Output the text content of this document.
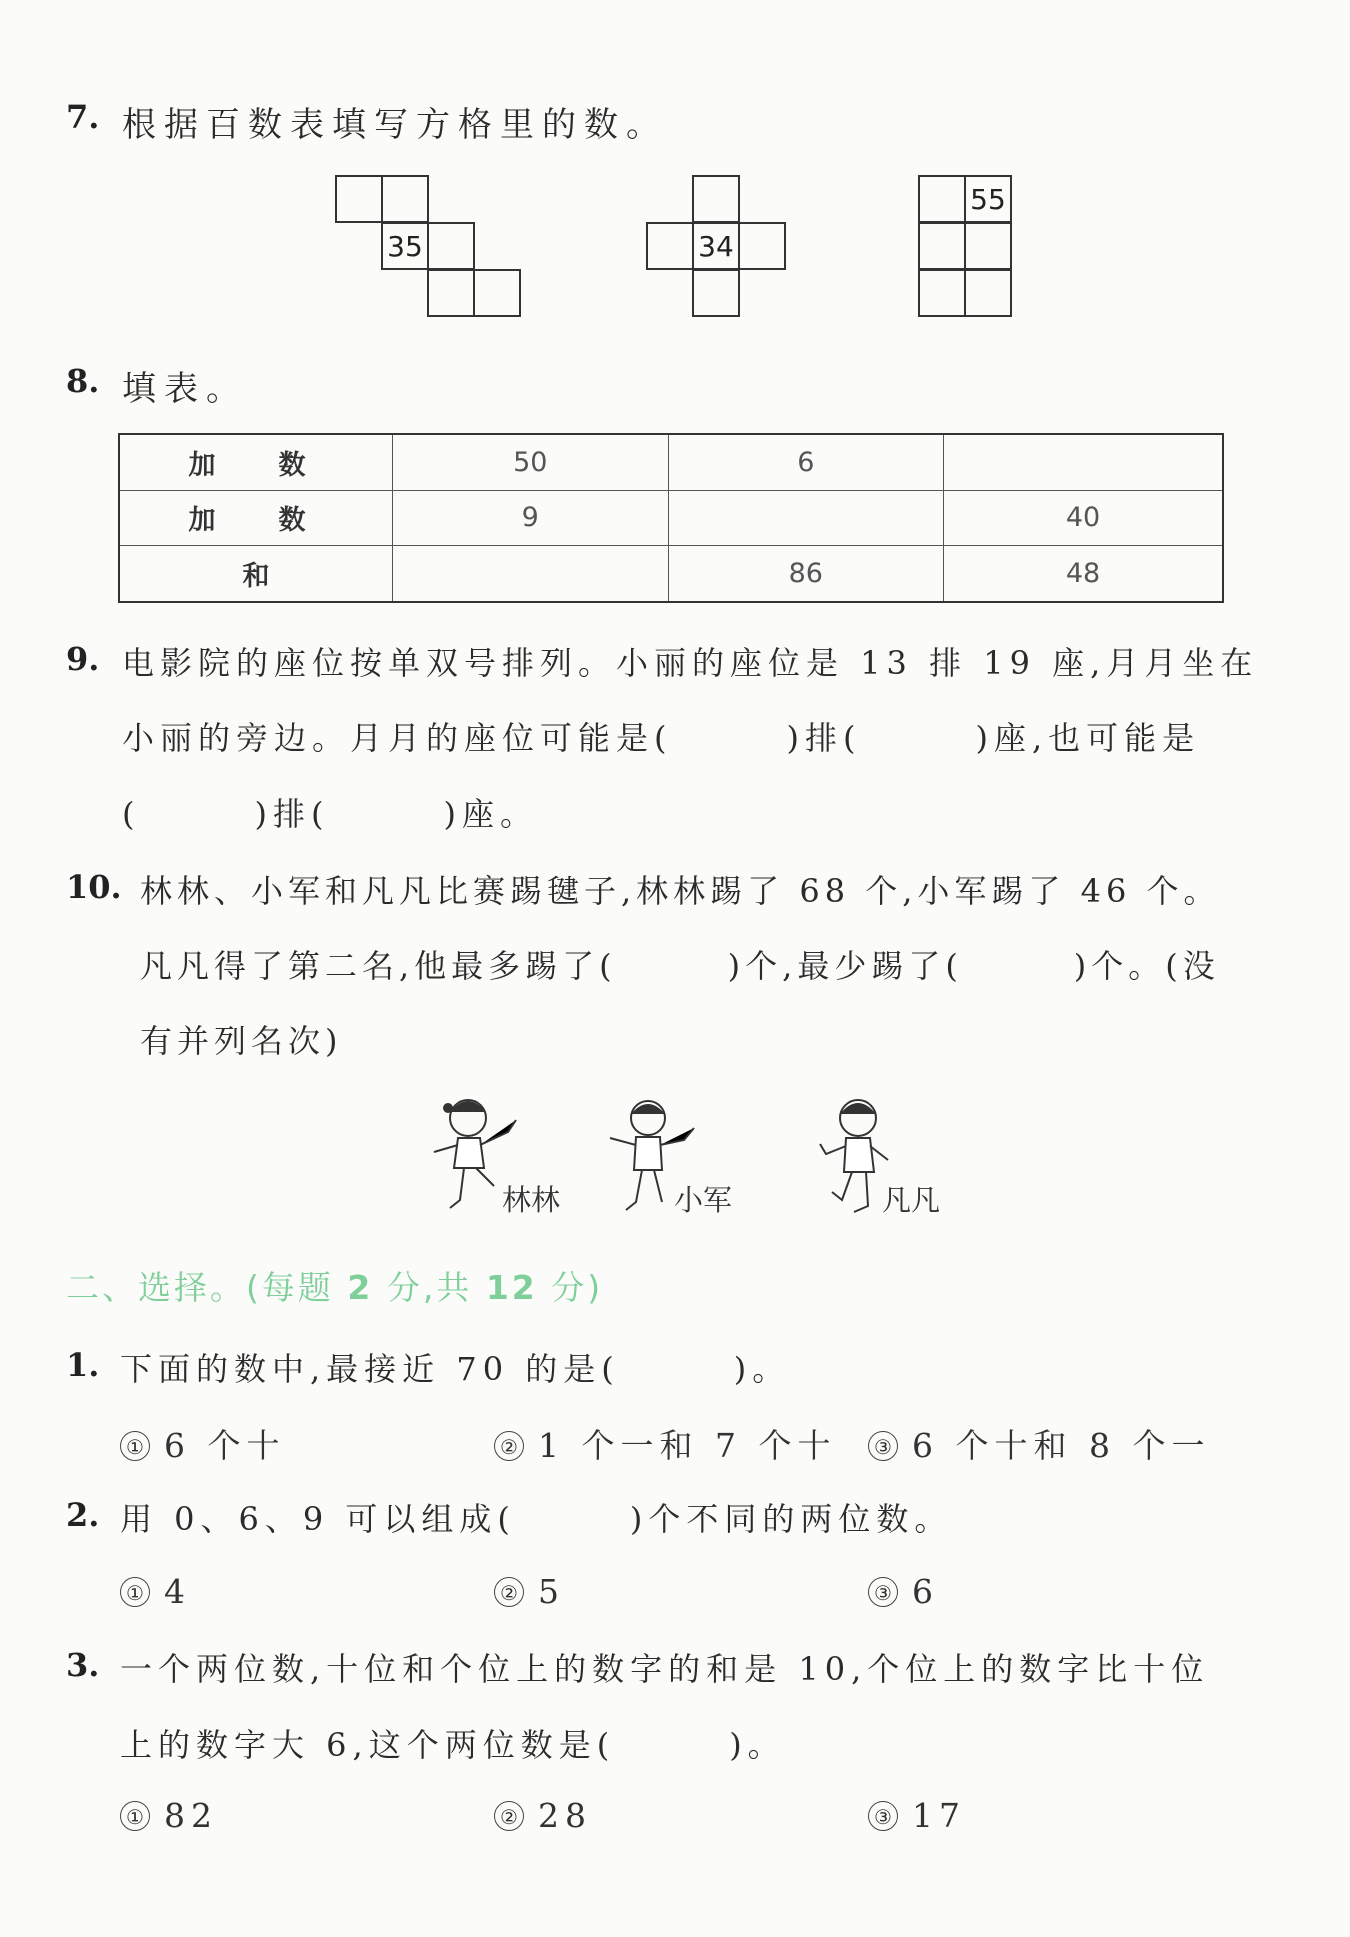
7. 根据百数表填写方格里的数。
35	34
55
8. 填表。
加　数	50	6	
加　数	9		40
和		86	48
9. 电影院的座位按单双号排列。小丽的座位是 13 排 19 座,月月坐在
小丽的旁边。月月的座位可能是(　　　)排(　　　)座,也可能是
(　　　)排(　　　)座。
10. 林林、小军和凡凡比赛踢毽子,林林踢了 68 个,小军踢了 46 个。
凡凡得了第二名,他最多踢了(　　　)个,最少踢了(　　　)个。(没
有并列名次)
林林	小军	凡凡
二、选择。(每题 2 分,共 12 分)
1. 下面的数中,最接近 70 的是(　　　)。
① 6 个十	② 1 个一和 7 个十	③ 6 个十和 8 个一
2. 用 0、6、9 可以组成(　　　)个不同的两位数。
① 4	② 5	③ 6
3. 一个两位数,十位和个位上的数字的和是 10,个位上的数字比十位
上的数字大 6,这个两位数是(　　　)。
① 82	② 28	③ 17
